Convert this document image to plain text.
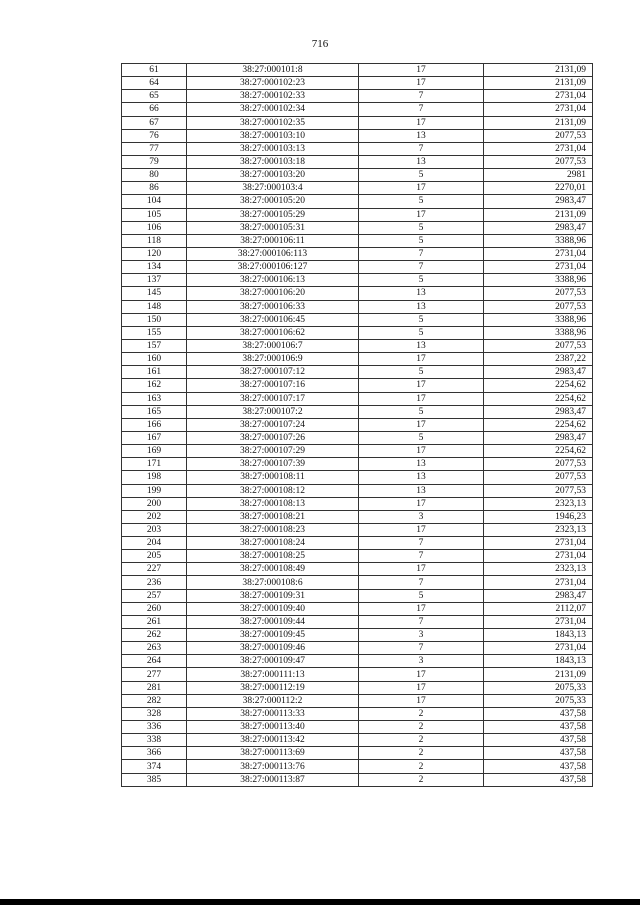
716
61	38:27:000101:8	17	2131,09
64	38:27:000102:23	17	2131,09
65	38:27:000102:33	7	2731,04
66	38:27:000102:34	7	2731,04
67	38:27:000102:35	17	2131,09
76	38:27:000103:10	13	2077,53
77	38:27:000103:13	7	2731,04
79	38:27:000103:18	13	2077,53
80	38:27:000103:20	5	2981
86	38:27:000103:4	17	2270,01
104	38:27:000105:20	5	2983,47
105	38:27:000105:29	17	2131,09
106	38:27:000105:31	5	2983,47
118	38:27:000106:11	5	3388,96
120	38:27:000106:113	7	2731,04
134	38:27:000106:127	7	2731,04
137	38:27:000106:13	5	3388,96
145	38:27:000106:20	13	2077,53
148	38:27:000106:33	13	2077,53
150	38:27:000106:45	5	3388,96
155	38:27:000106:62	5	3388,96
157	38:27:000106:7	13	2077,53
160	38:27:000106:9	17	2387,22
161	38:27:000107:12	5	2983,47
162	38:27:000107:16	17	2254,62
163	38:27:000107:17	17	2254,62
165	38:27:000107:2	5	2983,47
166	38:27:000107:24	17	2254,62
167	38:27:000107:26	5	2983,47
169	38:27:000107:29	17	2254,62
171	38:27:000107:39	13	2077,53
198	38:27:000108:11	13	2077,53
199	38:27:000108:12	13	2077,53
200	38:27:000108:13	17	2323,13
202	38:27:000108:21	3	1946,23
203	38:27:000108:23	17	2323,13
204	38:27:000108:24	7	2731,04
205	38:27:000108:25	7	2731,04
227	38:27:000108:49	17	2323,13
236	38:27:000108:6	7	2731,04
257	38:27:000109:31	5	2983,47
260	38:27:000109:40	17	2112,07
261	38:27:000109:44	7	2731,04
262	38:27:000109:45	3	1843,13
263	38:27:000109:46	7	2731,04
264	38:27:000109:47	3	1843,13
277	38:27:000111:13	17	2131,09
281	38:27:000112:19	17	2075,33
282	38:27:000112:2	17	2075,33
328	38:27:000113:33	2	437,58
336	38:27:000113:40	2	437,58
338	38:27:000113:42	2	437,58
366	38:27:000113:69	2	437,58
374	38:27:000113:76	2	437,58
385	38:27:000113:87	2	437,58
